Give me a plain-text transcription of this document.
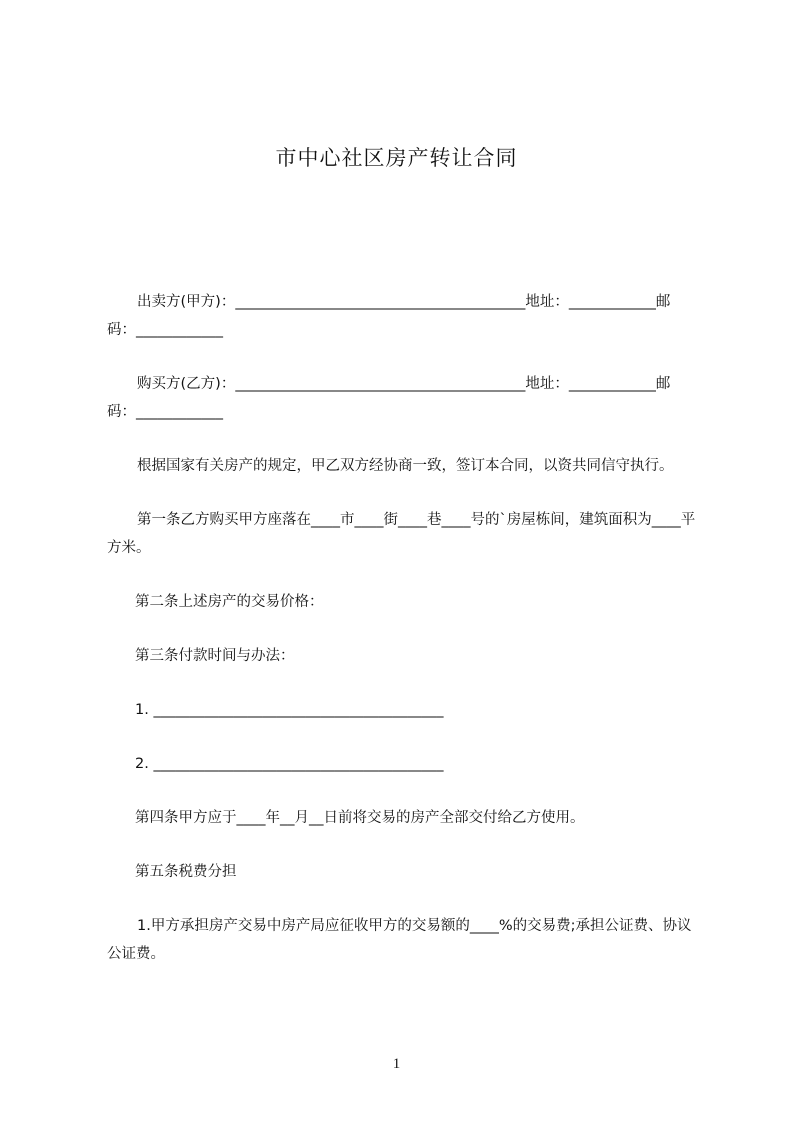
市中心社区房产转让合同

出卖方(甲方)：________________________________________地址：____________邮码：____________

购买方(乙方)：________________________________________地址：____________邮码：____________

根据国家有关房产的规定，甲乙双方经协商一致，签订本合同，以资共同信守执行。

第一条乙方购买甲方座落在____市____街____巷____号的`房屋栋间，建筑面积为____平方米。

第二条上述房产的交易价格：

第三条付款时间与办法：

1. ________________________________________

2. ________________________________________

第四条甲方应于____年__月__日前将交易的房产全部交付给乙方使用。

第五条税费分担

1.甲方承担房产交易中房产局应征收甲方的交易额的____%的交易费;承担公证费、协议公证费。

1
